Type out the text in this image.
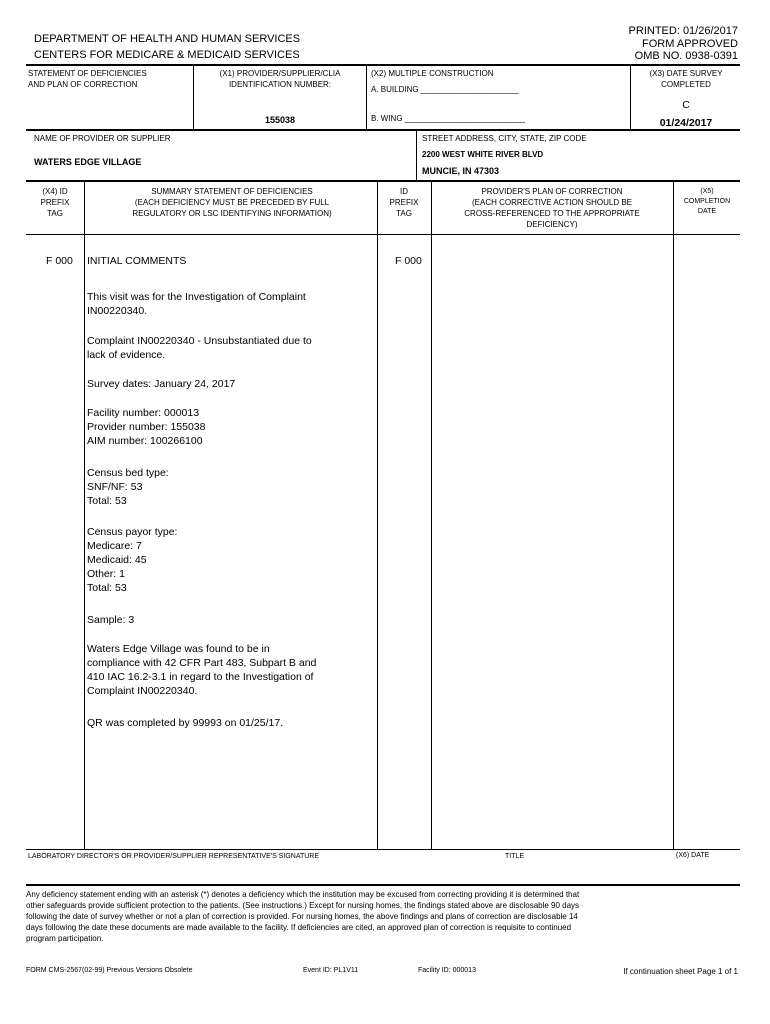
DEPARTMENT OF HEALTH AND HUMAN SERVICES
CENTERS FOR MEDICARE & MEDICAID SERVICES
PRINTED: 01/26/2017
FORM APPROVED
OMB NO. 0938-0391
STATEMENT OF DEFICIENCIES
AND PLAN OF CORRECTION
(X1) PROVIDER/SUPPLIER/CLIA
IDENTIFICATION NUMBER:
155038
(X2) MULTIPLE CONSTRUCTION
A. BUILDING ______________________
B. WING ___________________________
(X3) DATE SURVEY
COMPLETED
C
01/24/2017
NAME OF PROVIDER OR SUPPLIER
WATERS EDGE VILLAGE
STREET ADDRESS, CITY, STATE, ZIP CODE
2200 WEST WHITE RIVER BLVD
MUNCIE, IN 47303
(X4) ID
PREFIX
TAG
SUMMARY STATEMENT OF DEFICIENCIES
(EACH DEFICIENCY MUST BE PRECEDED BY FULL
REGULATORY OR LSC IDENTIFYING INFORMATION)
ID
PREFIX
TAG
PROVIDER'S PLAN OF CORRECTION
(EACH CORRECTIVE ACTION SHOULD BE
CROSS-REFERENCED TO THE APPROPRIATE
DEFICIENCY)
(X5)
COMPLETION
DATE
F 000 INITIAL COMMENTS	F 000
This visit was for the Investigation of Complaint
IN00220340.
Complaint IN00220340 - Unsubstantiated due to
lack of evidence.
Survey dates: January 24, 2017
Facility number: 000013
Provider number: 155038
AIM number: 100266100
Census bed type:
SNF/NF: 53
Total: 53
Census payor type:
Medicare: 7
Medicaid: 45
Other: 1
Total: 53
Sample: 3
Waters Edge Village was found to be in
compliance with 42 CFR Part 483, Subpart B and
410 IAC 16.2-3.1 in regard to the Investigation of
Complaint IN00220340.
QR was completed by 99993 on 01/25/17.
LABORATORY DIRECTOR'S OR PROVIDER/SUPPLIER REPRESENTATIVE'S SIGNATURE	TITLE	(X6) DATE
Any deficiency statement ending with an asterisk (*) denotes a deficiency which the institution may be excused from correcting providing it is determined that
other safeguards provide sufficient protection to the patients. (See instructions.) Except for nursing homes, the findings stated above are disclosable 90 days
following the date of survey whether or not a plan of correction is provided. For nursing homes, the above findings and plans of correction are disclosable 14
days following the date these documents are made available to the facility. If deficiencies are cited, an approved plan of correction is requisite to continued
program participation.
FORM CMS-2567(02-99) Previous Versions Obsolete	Event ID: PL1V11	Facility ID: 000013	If continuation sheet Page 1 of 1
